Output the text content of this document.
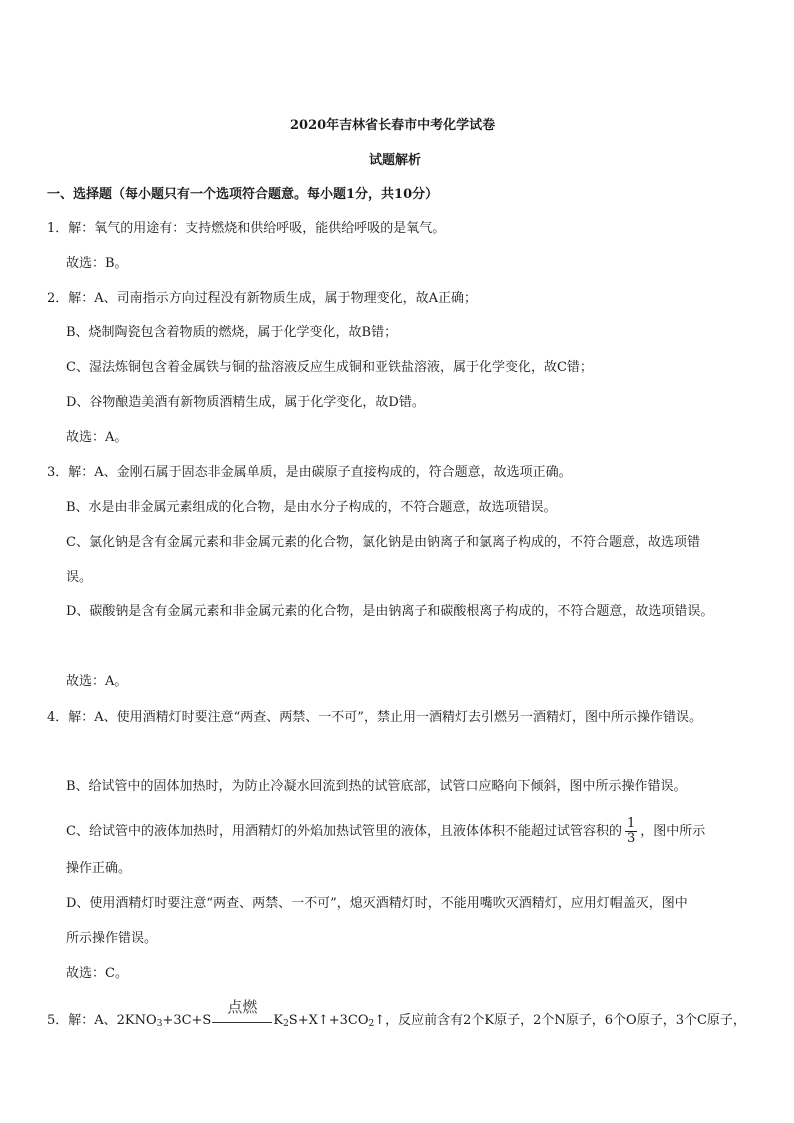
2020年吉林省长春市中考化学试卷
试题解析
一、选择题（每小题只有一个选项符合题意。每小题1分，共10分）
1．解：氧气的用途有：支持燃烧和供给呼吸，能供给呼吸的是氧气。
故选：B。
2．解：A、司南指示方向过程没有新物质生成，属于物理变化，故A正确；
B、烧制陶瓷包含着物质的燃烧，属于化学变化，故B错；
C、湿法炼铜包含着金属铁与铜的盐溶液反应生成铜和亚铁盐溶液，属于化学变化，故C错；
D、谷物酿造美酒有新物质酒精生成，属于化学变化，故D错。
故选：A。
3．解：A、金刚石属于固态非金属单质，是由碳原子直接构成的，符合题意，故选项正确。
B、水是由非金属元素组成的化合物，是由水分子构成的，不符合题意，故选项错误。
C、氯化钠是含有金属元素和非金属元素的化合物，氯化钠是由钠离子和氯离子构成的，不符合题意，故选项错
误。
D、碳酸钠是含有金属元素和非金属元素的化合物，是由钠离子和碳酸根离子构成的，不符合题意，故选项错误。
故选：A。
4．解：A、使用酒精灯时要注意“两查、两禁、一不可”，禁止用一酒精灯去引燃另一酒精灯，图中所示操作错误。
B、给试管中的固体加热时，为防止冷凝水回流到热的试管底部，试管口应略向下倾斜，图中所示操作错误。
C、给试管中的液体加热时，用酒精灯的外焰加热试管里的液体，且液体体积不能超过试管容积的 $\frac{1}{3}$ ，图中所示
操作正确。
D、使用酒精灯时要注意“两查、两禁、一不可”，熄灭酒精灯时，不能用嘴吹灭酒精灯，应用灯帽盖灭，图中
所示操作错误。
故选：C。
5．解：A、$2KNO_3+3C+S$
点燃
$K_2S+X↑+3CO_2↑$，反应前含有2个K原子，2个N原子，6个O原子，3个C原子，
